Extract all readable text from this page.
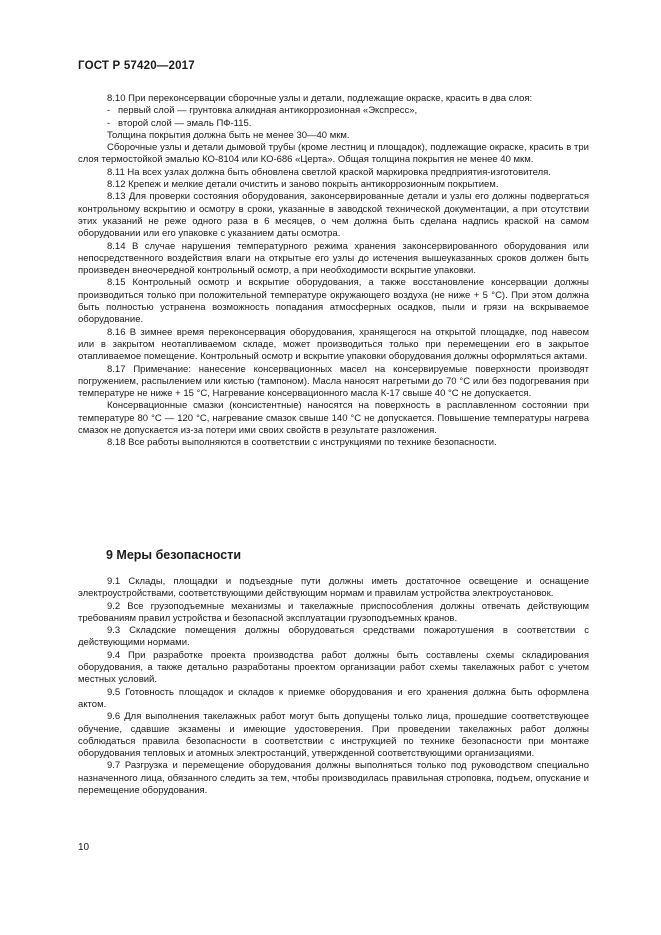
ГОСТ Р 57420—2017

8.10 При переконсервации сборочные узлы и детали, подлежащие окраске, красить в два слоя:

- первый слой — грунтовка алкидная антикоррозионная «Экспресс»,

- второй слой — эмаль ПФ-115.

Толщина покрытия должна быть не менее 30—40 мкм.

Сборочные узлы и детали дымовой трубы (кроме лестниц и площадок), подлежащие окраске, красить в три слоя термостойкой эмалью КО-8104 или КО-686 «Церта». Общая толщина покрытия не менее 40 мкм.

8.11 На всех узлах должна быть обновлена светлой краской маркировка предприятия-изготовителя.

8.12 Крепеж и мелкие детали очистить и заново покрыть антикоррозионным покрытием.

8.13 Для проверки состояния оборудования, законсервированные детали и узлы его должны подвергаться контрольному вскрытию и осмотру в сроки, указанные в заводской технической документации, а при отсутствии этих указаний не реже одного раза в 6 месяцев, о чем должна быть сделана надпись краской на самом оборудовании или его упаковке с указанием даты осмотра.

8.14 В случае нарушения температурного режима хранения законсервированного оборудования или непосредственного воздействия влаги на открытые его узлы до истечения вышеуказанных сроков должен быть произведен внеочередной контрольный осмотр, а при необходимости вскрытие упаковки.

8.15 Контрольный осмотр и вскрытие оборудования, а также восстановление консервации должны производиться только при положительной температуре окружающего воздуха (не ниже + 5 °C). При этом должна быть полностью устранена возможность попадания атмосферных осадков, пыли и грязи на вскрываемое оборудование.

8.16 В зимнее время переконсервация оборудования, хранящегося на открытой площадке, под навесом или в закрытом неотапливаемом складе, может производиться только при перемещении его в закрытое отапливаемое помещение. Контрольный осмотр и вскрытие упаковки оборудования должны оформляться актами.

8.17 Примечание: нанесение консервационных масел на консервируемые поверхности производят погружением, распылением или кистью (тампоном). Масла наносят нагретыми до 70 °C или без подогревания при температуре не ниже + 15 °C, Нагревание консервационного масла К-17 свыше 40 °C не допускается.

Консервационные смазки (консистентные) наносятся на поверхность в расплавленном состоянии при температуре 80 °C — 120 °C, нагревание смазок свыше 140 °C не допускается. Повышение температуры нагрева смазок не допускается из-за потери ими своих свойств в результате разложения.

8.18 Все работы выполняются в соответствии с инструкциями по технике безопасности.

9 Меры безопасности

9.1 Склады, площадки и подъездные пути должны иметь достаточное освещение и оснащение электроустройствами, соответствующими действующим нормам и правилам устройства электроустановок.

9.2 Все грузоподъемные механизмы и такелажные приспособления должны отвечать действующим требованиям правил устройства и безопасной эксплуатации грузоподъемных кранов.

9.3 Складские помещения должны оборудоваться средствами пожаротушения в соответствии с действующими нормами.

9.4 При разработке проекта производства работ должны быть составлены схемы складирования оборудования, а также детально разработаны проектом организации работ схемы такелажных работ с учетом местных условий.

9.5 Готовность площадок и складов к приемке оборудования и его хранения должна быть оформлена актом.

9.6 Для выполнения такелажных работ могут быть допущены только лица, прошедшие соответствующее обучение, сдавшие экзамены и имеющие удостоверения. При проведении такелажных работ должны соблюдаться правила безопасности в соответствии с инструкцией по технике безопасности при монтаже оборудования тепловых и атомных электростанций, утвержденной соответствующими организациями.

9.7 Разгрузка и перемещение оборудования должны выполняться только под руководством специально назначенного лица, обязанного следить за тем, чтобы производилась правильная строповка, подъем, опускание и перемещение оборудования.

10
